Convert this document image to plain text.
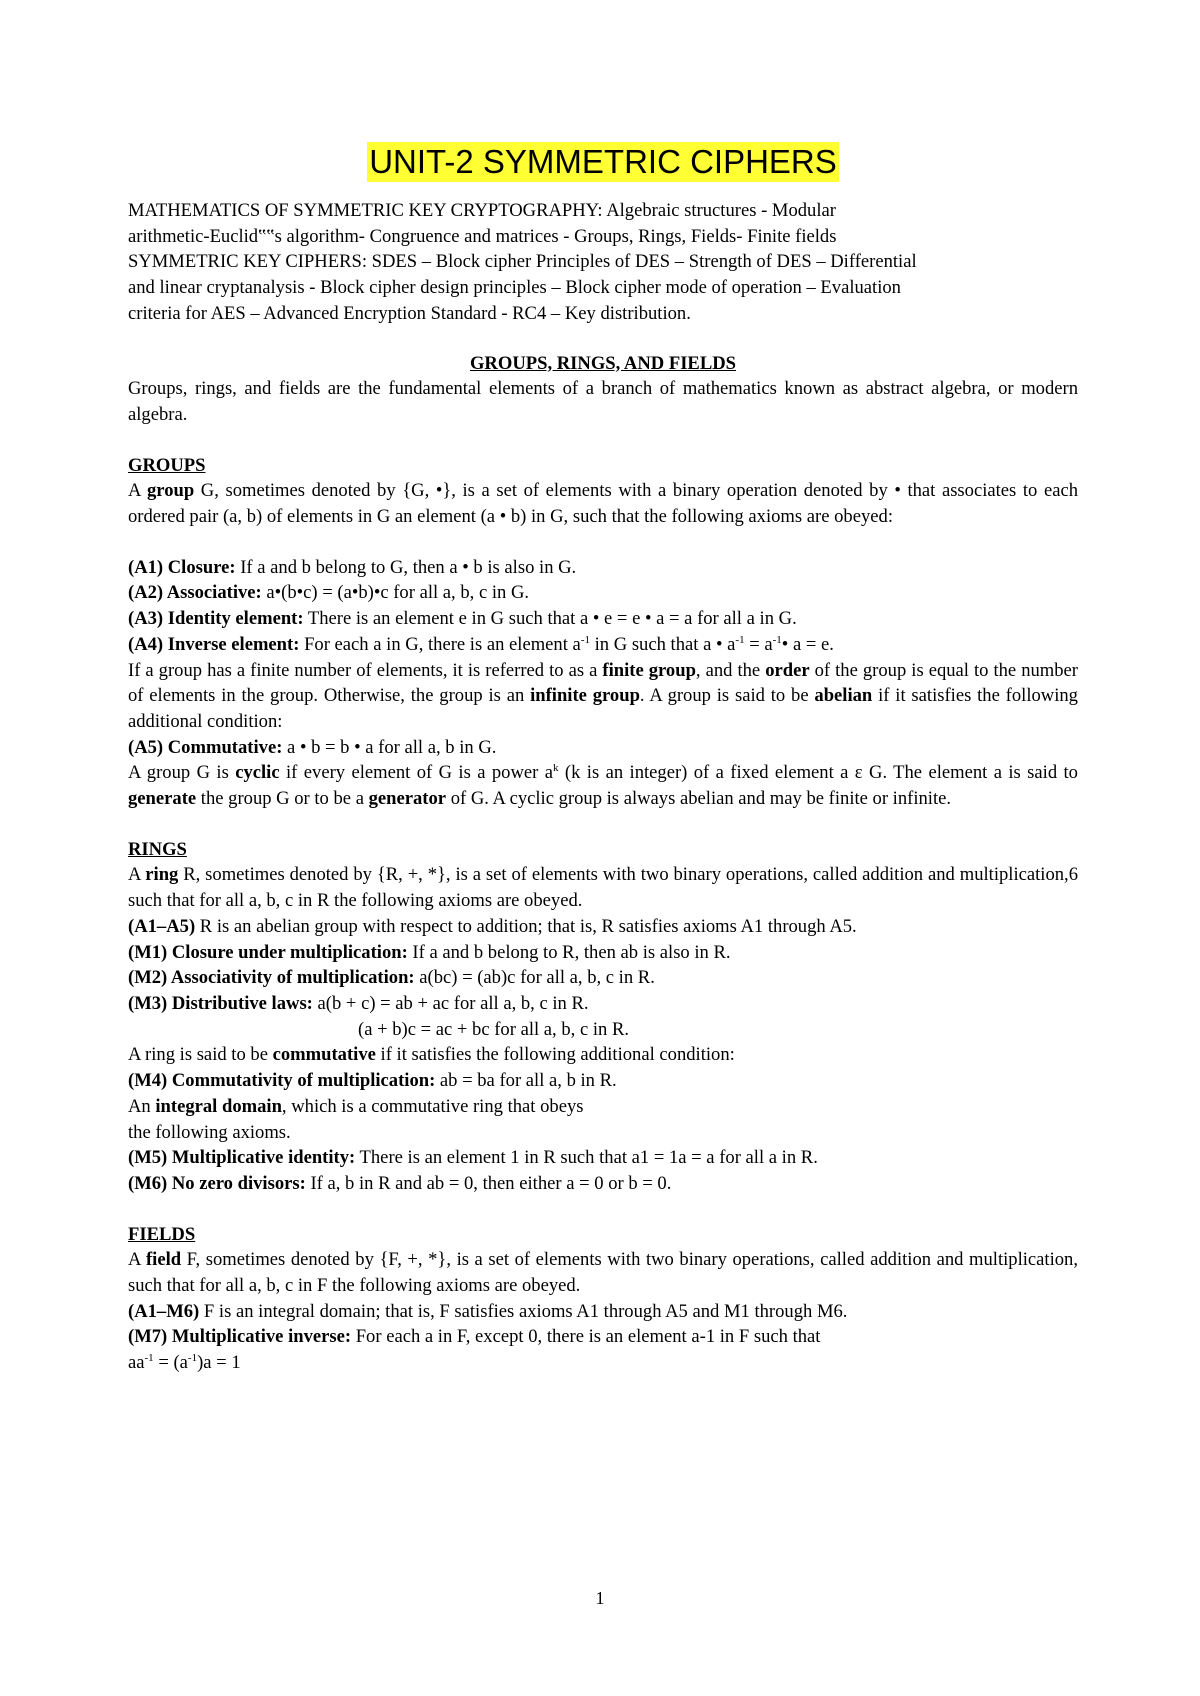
UNIT-2 SYMMETRIC CIPHERS

MATHEMATICS OF SYMMETRIC KEY CRYPTOGRAPHY: Algebraic structures - Modular

arithmetic-Euclid‟‟s algorithm- Congruence and matrices - Groups, Rings, Fields- Finite fields

SYMMETRIC KEY CIPHERS: SDES – Block cipher Principles of DES – Strength of DES – Differential

and linear cryptanalysis - Block cipher design principles – Block cipher mode of operation – Evaluation

criteria for AES – Advanced Encryption Standard - RC4 – Key distribution.

GROUPS, RINGS, AND FIELDS

Groups, rings, and fields are the fundamental elements of a branch of mathematics known as abstract algebra, or modern algebra.

GROUPS

A group G, sometimes denoted by {G, •}, is a set of elements with a binary operation denoted by • that associates to each ordered pair (a, b) of elements in G an element (a • b) in G, such that the following axioms are obeyed:

(A1) Closure: If a and b belong to G, then a • b is also in G.

(A2) Associative: a•(b•c) = (a•b)•c for all a, b, c in G.

(A3) Identity element: There is an element e in G such that a • e = e • a = a for all a in G.

(A4) Inverse element: For each a in G, there is an element $a^{-1}$ in G such that a • $a^{-1}$ = $a^{-1}•$ a = e.

If a group has a finite number of elements, it is referred to as a finite group, and the order of the group is equal to the number of elements in the group. Otherwise, the group is an infinite group. A group is said to be abelian if it satisfies the following additional condition:

(A5) Commutative: a • b = b • a for all a, b in G.

A group G is cyclic if every element of G is a power $a^k$ (k is an integer) of a fixed element a ε G. The element a is said to generate the group G or to be a generator of G. A cyclic group is always abelian and may be finite or infinite.

RINGS

A ring R, sometimes denoted by {R, +, *}, is a set of elements with two binary operations, called addition and multiplication,6 such that for all a, b, c in R the following axioms are obeyed.

(A1–A5) R is an abelian group with respect to addition; that is, R satisfies axioms A1 through A5.

(M1) Closure under multiplication: If a and b belong to R, then ab is also in R.

(M2) Associativity of multiplication: a(bc) = (ab)c for all a, b, c in R.

(M3) Distributive laws: a(b + c) = ab + ac for all a, b, c in R.

(a + b)c = ac + bc for all a, b, c in R.

A ring is said to be commutative if it satisfies the following additional condition:

(M4) Commutativity of multiplication: ab = ba for all a, b in R.

An integral domain, which is a commutative ring that obeys

the following axioms.

(M5) Multiplicative identity: There is an element 1 in R such that a1 = 1a = a for all a in R.

(M6) No zero divisors: If a, b in R and ab = 0, then either a = 0 or b = 0.

FIELDS

A field F, sometimes denoted by {F, +, *}, is a set of elements with two binary operations, called addition and multiplication, such that for all a, b, c in F the following axioms are obeyed.

(A1–M6) F is an integral domain; that is, F satisfies axioms A1 through A5 and M1 through M6.

(M7) Multiplicative inverse: For each a in F, except 0, there is an element a-1 in F such that

$aa^{-1} = (a^{-1})a = 1$

1
